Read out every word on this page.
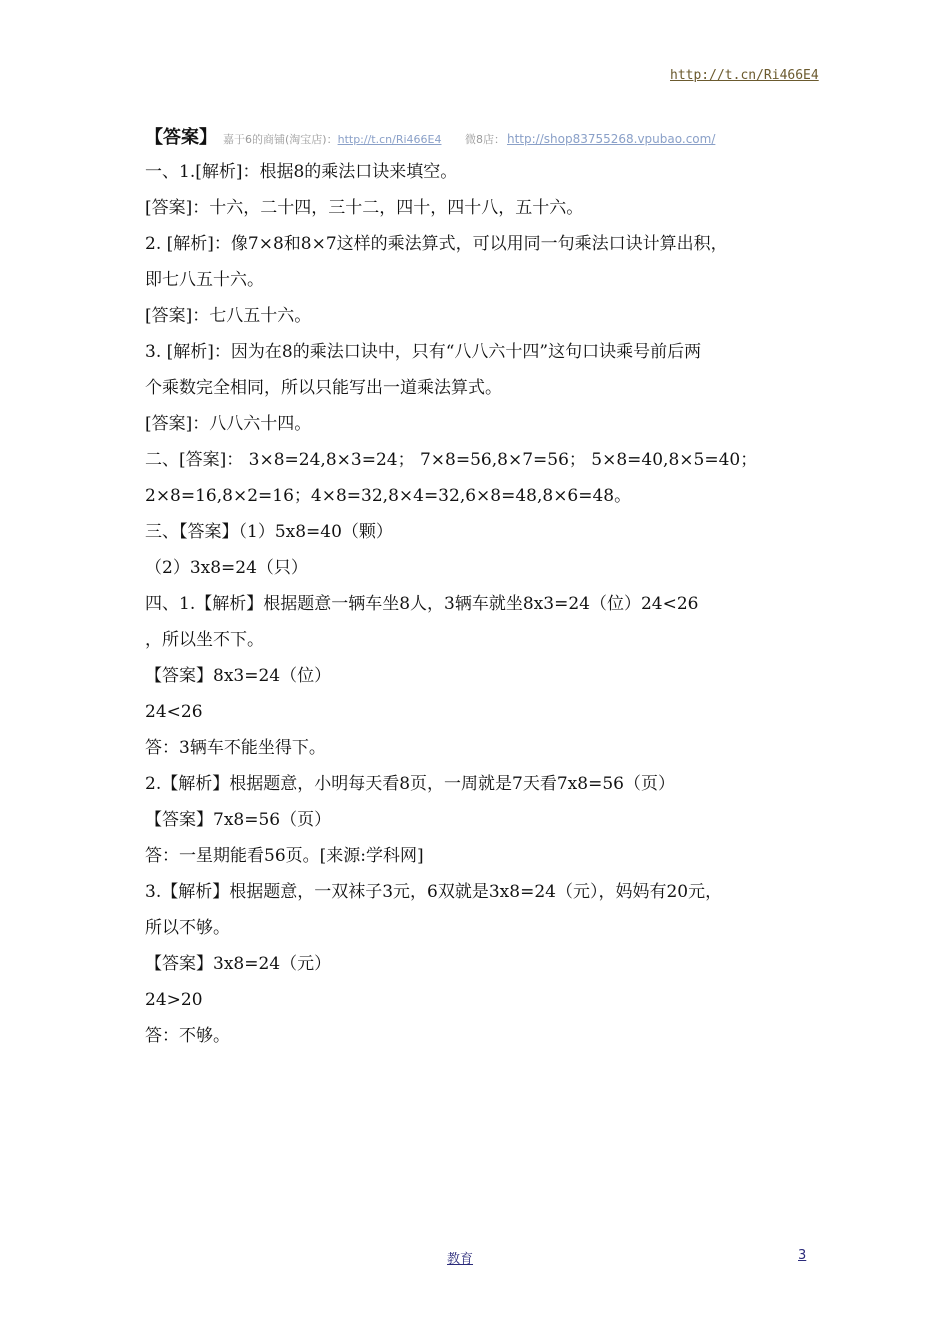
http://t.cn/Ri466E4
【答案】 嘉于6的商铺(淘宝店)：http://t.cn/Ri466E4 微8店： http://shop83755268.vpubao.com/
一、1.[解析]：根据8的乘法口诀来填空。
[答案]：十六，二十四，三十二，四十，四十八，五十六。
2. [解析]：像7×8和8×7这样的乘法算式，可以用同一句乘法口诀计算出积，
即七八五十六。
[答案]：七八五十六。
3. [解析]：因为在8的乘法口诀中，只有“八八六十四”这句口诀乘号前后两
个乘数完全相同，所以只能写出一道乘法算式。
[答案]：八八六十四。
二、[答案]： 3×8=24,8×3=24； 7×8=56,8×7=56； 5×8=40,8×5=40；
2×8=16,8×2=16；4×8=32,8×4=32,6×8=48,8×6=48。
三、【答案】（1）5x8=40（颗）
（2）3x8=24（只）
四、1.【解析】根据题意一辆车坐8人，3辆车就坐8x3=24（位）24<26
，所以坐不下。
【答案】8x3=24（位）
24<26
答：3辆车不能坐得下。
2.【解析】根据题意，小明每天看8页，一周就是7天看7x8=56（页）
【答案】7x8=56（页）
答：一星期能看56页。[来源:学科网]
3.【解析】根据题意，一双袜子3元，6双就是3x8=24（元），妈妈有20元，
所以不够。
【答案】3x8=24（元）
24>20
答：不够。
教育	3
